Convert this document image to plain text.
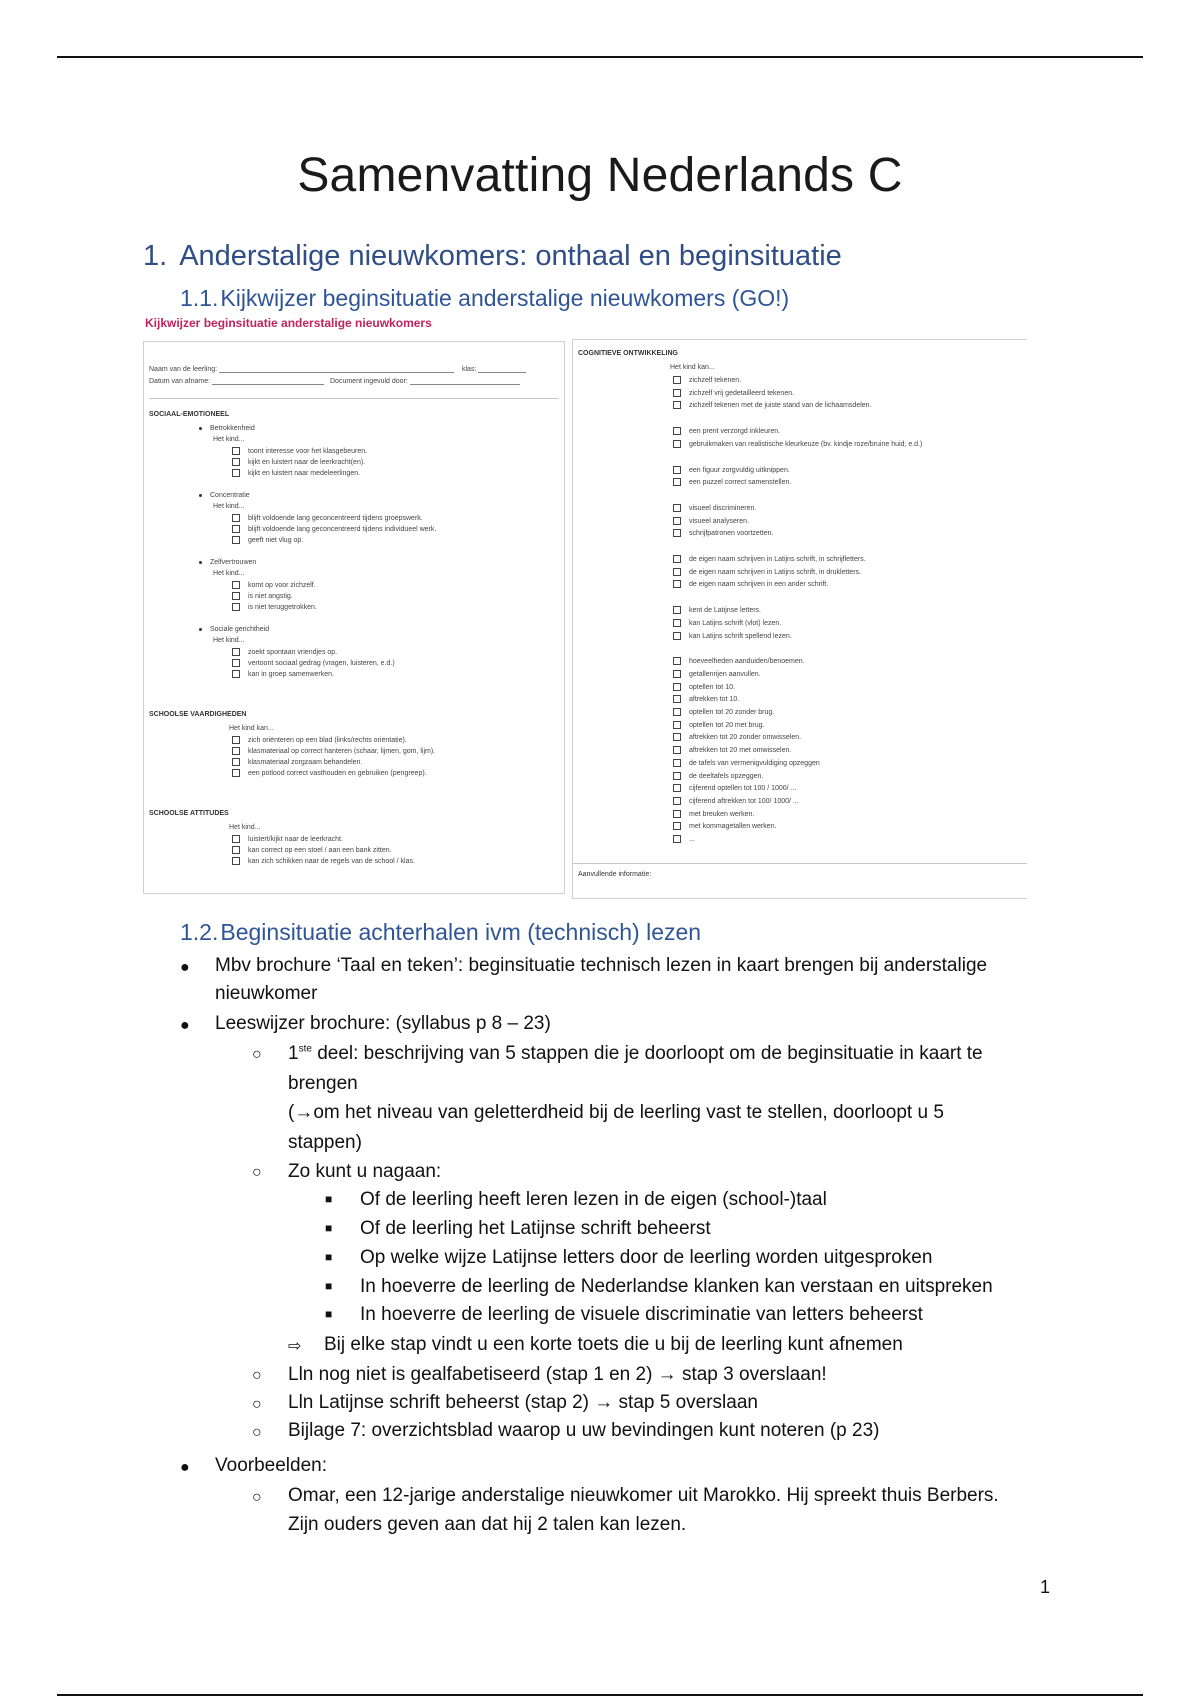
Samenvatting Nederlands C
1. Anderstalige nieuwkomers: onthaal en beginsituatie
1.1.Kijkwijzer beginsituatie anderstalige nieuwkomers (GO!)
Kijkwijzer beginsituatie anderstalige nieuwkomers
Naam van de leerling:	klas:
Datum van afname:	Document ingevuld door:
SOCIAAL-EMOTIONEEL
Betrokkenheid
Het kind...
toont interesse voor het klasgebeuren.
kijkt en luistert naar de leerkracht(en).
kijkt en luistert naar medeleerlingen.
Concentratie
Het kind...
blijft voldoende lang geconcentreerd tijdens groepswerk.
blijft voldoende lang geconcentreerd tijdens individueel werk.
geeft niet vlug op.
Zelfvertrouwen
Het kind...
komt op voor zichzelf.
is niet angstig.
is niet teruggetrokken.
Sociale gerichtheid
Het kind...
zoekt spontaan vriendjes op.
vertoont sociaal gedrag (vragen, luisteren, e.d.)
kan in groep samenwerken.
SCHOOLSE VAARDIGHEDEN
Het kind kan...
zich oriënteren op een blad (links/rechts oriëntatie).
klasmateriaal op correct hanteren (schaar, lijmen, gom, lijm).
klasmateriaal zorgzaam behandelen.
een potlood correct vasthouden en gebruiken (pengreep).
SCHOOLSE ATTITUDES
Het kind...
luistert/kijkt naar de leerkracht.
kan correct op een stoel / aan een bank zitten.
kan zich schikken naar de regels van de school / klas.
COGNITIEVE ONTWIKKELING
Het kind kan...
zichzelf tekenen.
zichzelf vrij gedetailleerd tekenen.
zichzelf tekenen met de juiste stand van de lichaamsdelen.
een prent verzorgd inkleuren.
gebruikmaken van realistische kleurkeuze (bv. kindje roze/bruine huid, e.d.)
een figuur zorgvuldig uitknippen.
een puzzel correct samenstellen.
visueel discrimineren.
visueel analyseren.
schrijfpatronen voortzetten.
de eigen naam schrijven in Latijns schrift, in schrijfletters.
de eigen naam schrijven in Latijns schrift, in drukletters.
de eigen naam schrijven in een ander schrift.
kent de Latijnse letters.
kan Latijns schrift (vlot) lezen.
kan Latijns schrift spellend lezen.
hoeveelheden aanduiden/benoemen.
getallenrijen aanvullen.
optellen tot 10.
aftrekken tot 10.
optellen tot 20 zonder brug.
optellen tot 20 met brug.
aftrekken tot 20 zonder omwisselen.
aftrekken tot 20 met omwisselen.
de tafels van vermenigvuldiging opzeggen
de deeltafels opzeggen.
cijferend optellen tot 100 / 1000/ ...
cijferend aftrekken tot 100/ 1000/ ...
met breuken werken.
met kommagetallen werken.
...
Aanvullende informatie:
1.2.Beginsituatie achterhalen ivm (technisch) lezen
● Mbv brochure ‘Taal en teken’: beginsituatie technisch lezen in kaart brengen bij anderstalige
nieuwkomer
● Leeswijzer brochure: (syllabus p 8 – 23)
○ 1ste deel: beschrijving van 5 stappen die je doorloopt om de beginsituatie in kaart te
brengen
(→om het niveau van geletterdheid bij de leerling vast te stellen, doorloopt u 5
stappen)
○ Zo kunt u nagaan:
■ Of de leerling heeft leren lezen in de eigen (school-)taal
■ Of de leerling het Latijnse schrift beheerst
■ Op welke wijze Latijnse letters door de leerling worden uitgesproken
■ In hoeverre de leerling de Nederlandse klanken kan verstaan en uitspreken
■ In hoeverre de leerling de visuele discriminatie van letters beheerst
⇨ Bij elke stap vindt u een korte toets die u bij de leerling kunt afnemen
○ Lln nog niet is gealfabetiseerd (stap 1 en 2) → stap 3 overslaan!
○ Lln Latijnse schrift beheerst (stap 2) → stap 5 overslaan
○ Bijlage 7: overzichtsblad waarop u uw bevindingen kunt noteren (p 23)
● Voorbeelden:
○ Omar, een 12-jarige anderstalige nieuwkomer uit Marokko. Hij spreekt thuis Berbers.
Zijn ouders geven aan dat hij 2 talen kan lezen.
1
